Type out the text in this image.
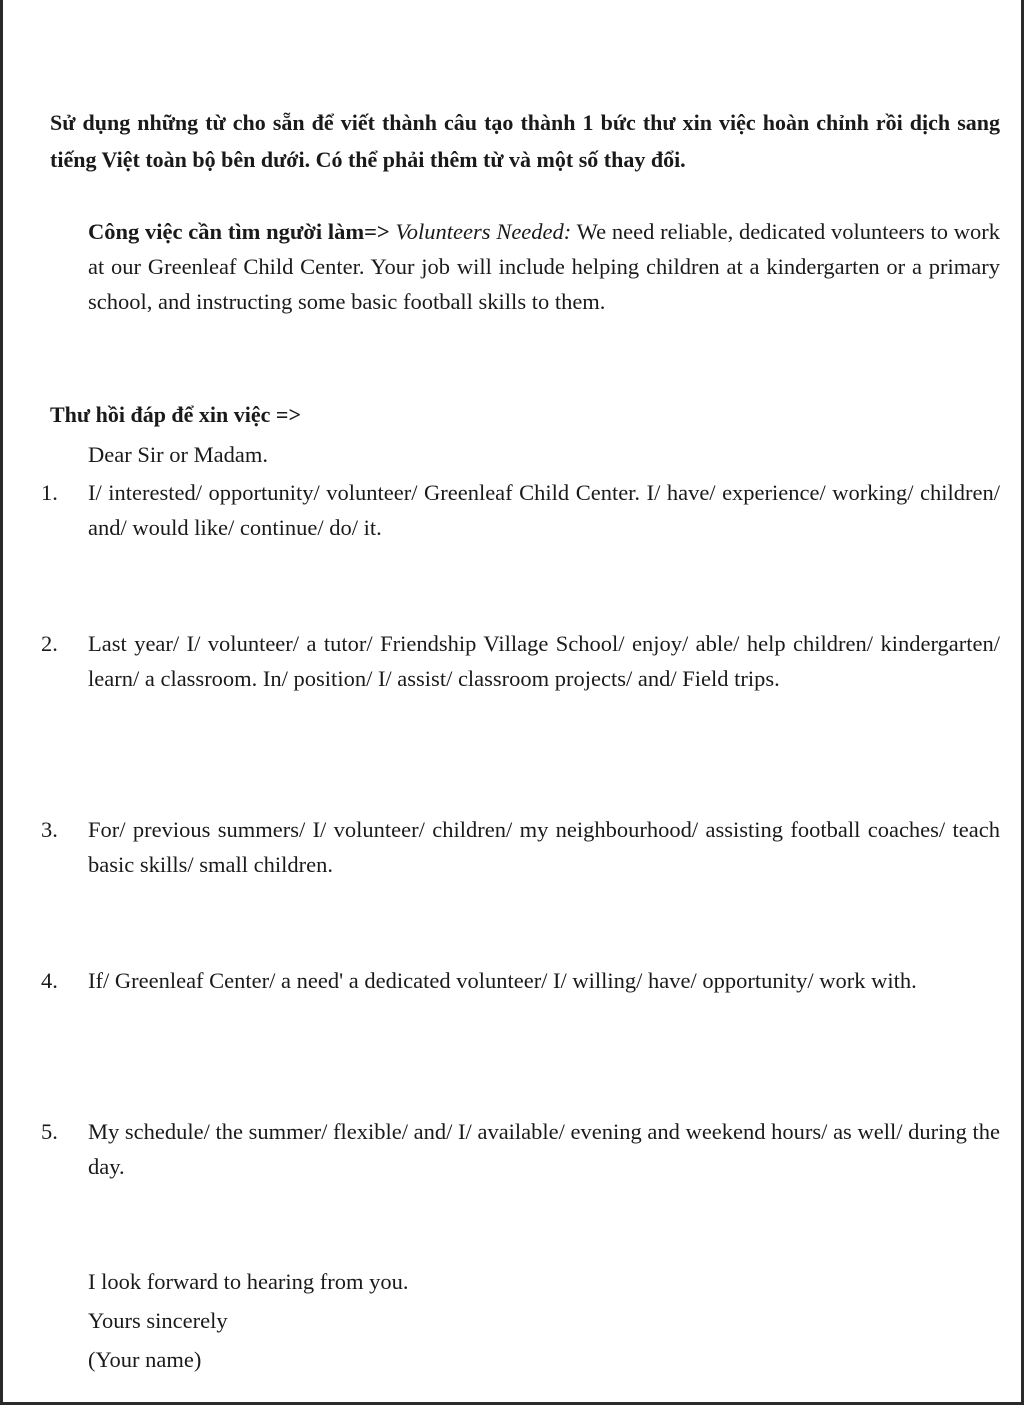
Sử dụng những từ cho sẵn để viết thành câu tạo thành 1 bức thư xin việc hoàn chỉnh rồi dịch sang tiếng Việt toàn bộ bên dưới. Có thể phải thêm từ và một số thay đổi.
Công việc cần tìm người làm=> Volunteers Needed: We need reliable, dedicated volunteers to work at our Greenleaf Child Center. Your job will include helping children at a kindergarten or a primary school, and instructing some basic football skills to them.
Thư hồi đáp để xin việc =>
Dear Sir or Madam.
1. I/ interested/ opportunity/ volunteer/ Greenleaf Child Center. I/ have/ experience/ working/ children/ and/ would like/ continue/ do/ it.
2. Last year/ I/ volunteer/ a tutor/ Friendship Village School/ enjoy/ able/ help children/ kindergarten/ learn/ a classroom. In/ position/ I/ assist/ classroom projects/ and/ Field trips.
3. For/ previous summers/ I/ volunteer/ children/ my neighbourhood/ assisting football coaches/ teach basic skills/ small children.
4. If/ Greenleaf Center/ a need' a dedicated volunteer/ I/ willing/ have/ opportunity/ work with.
5. My schedule/ the summer/ flexible/ and/ I/ available/ evening and weekend hours/ as well/ during the day.
I look forward to hearing from you.
Yours sincerely
(Your name)
